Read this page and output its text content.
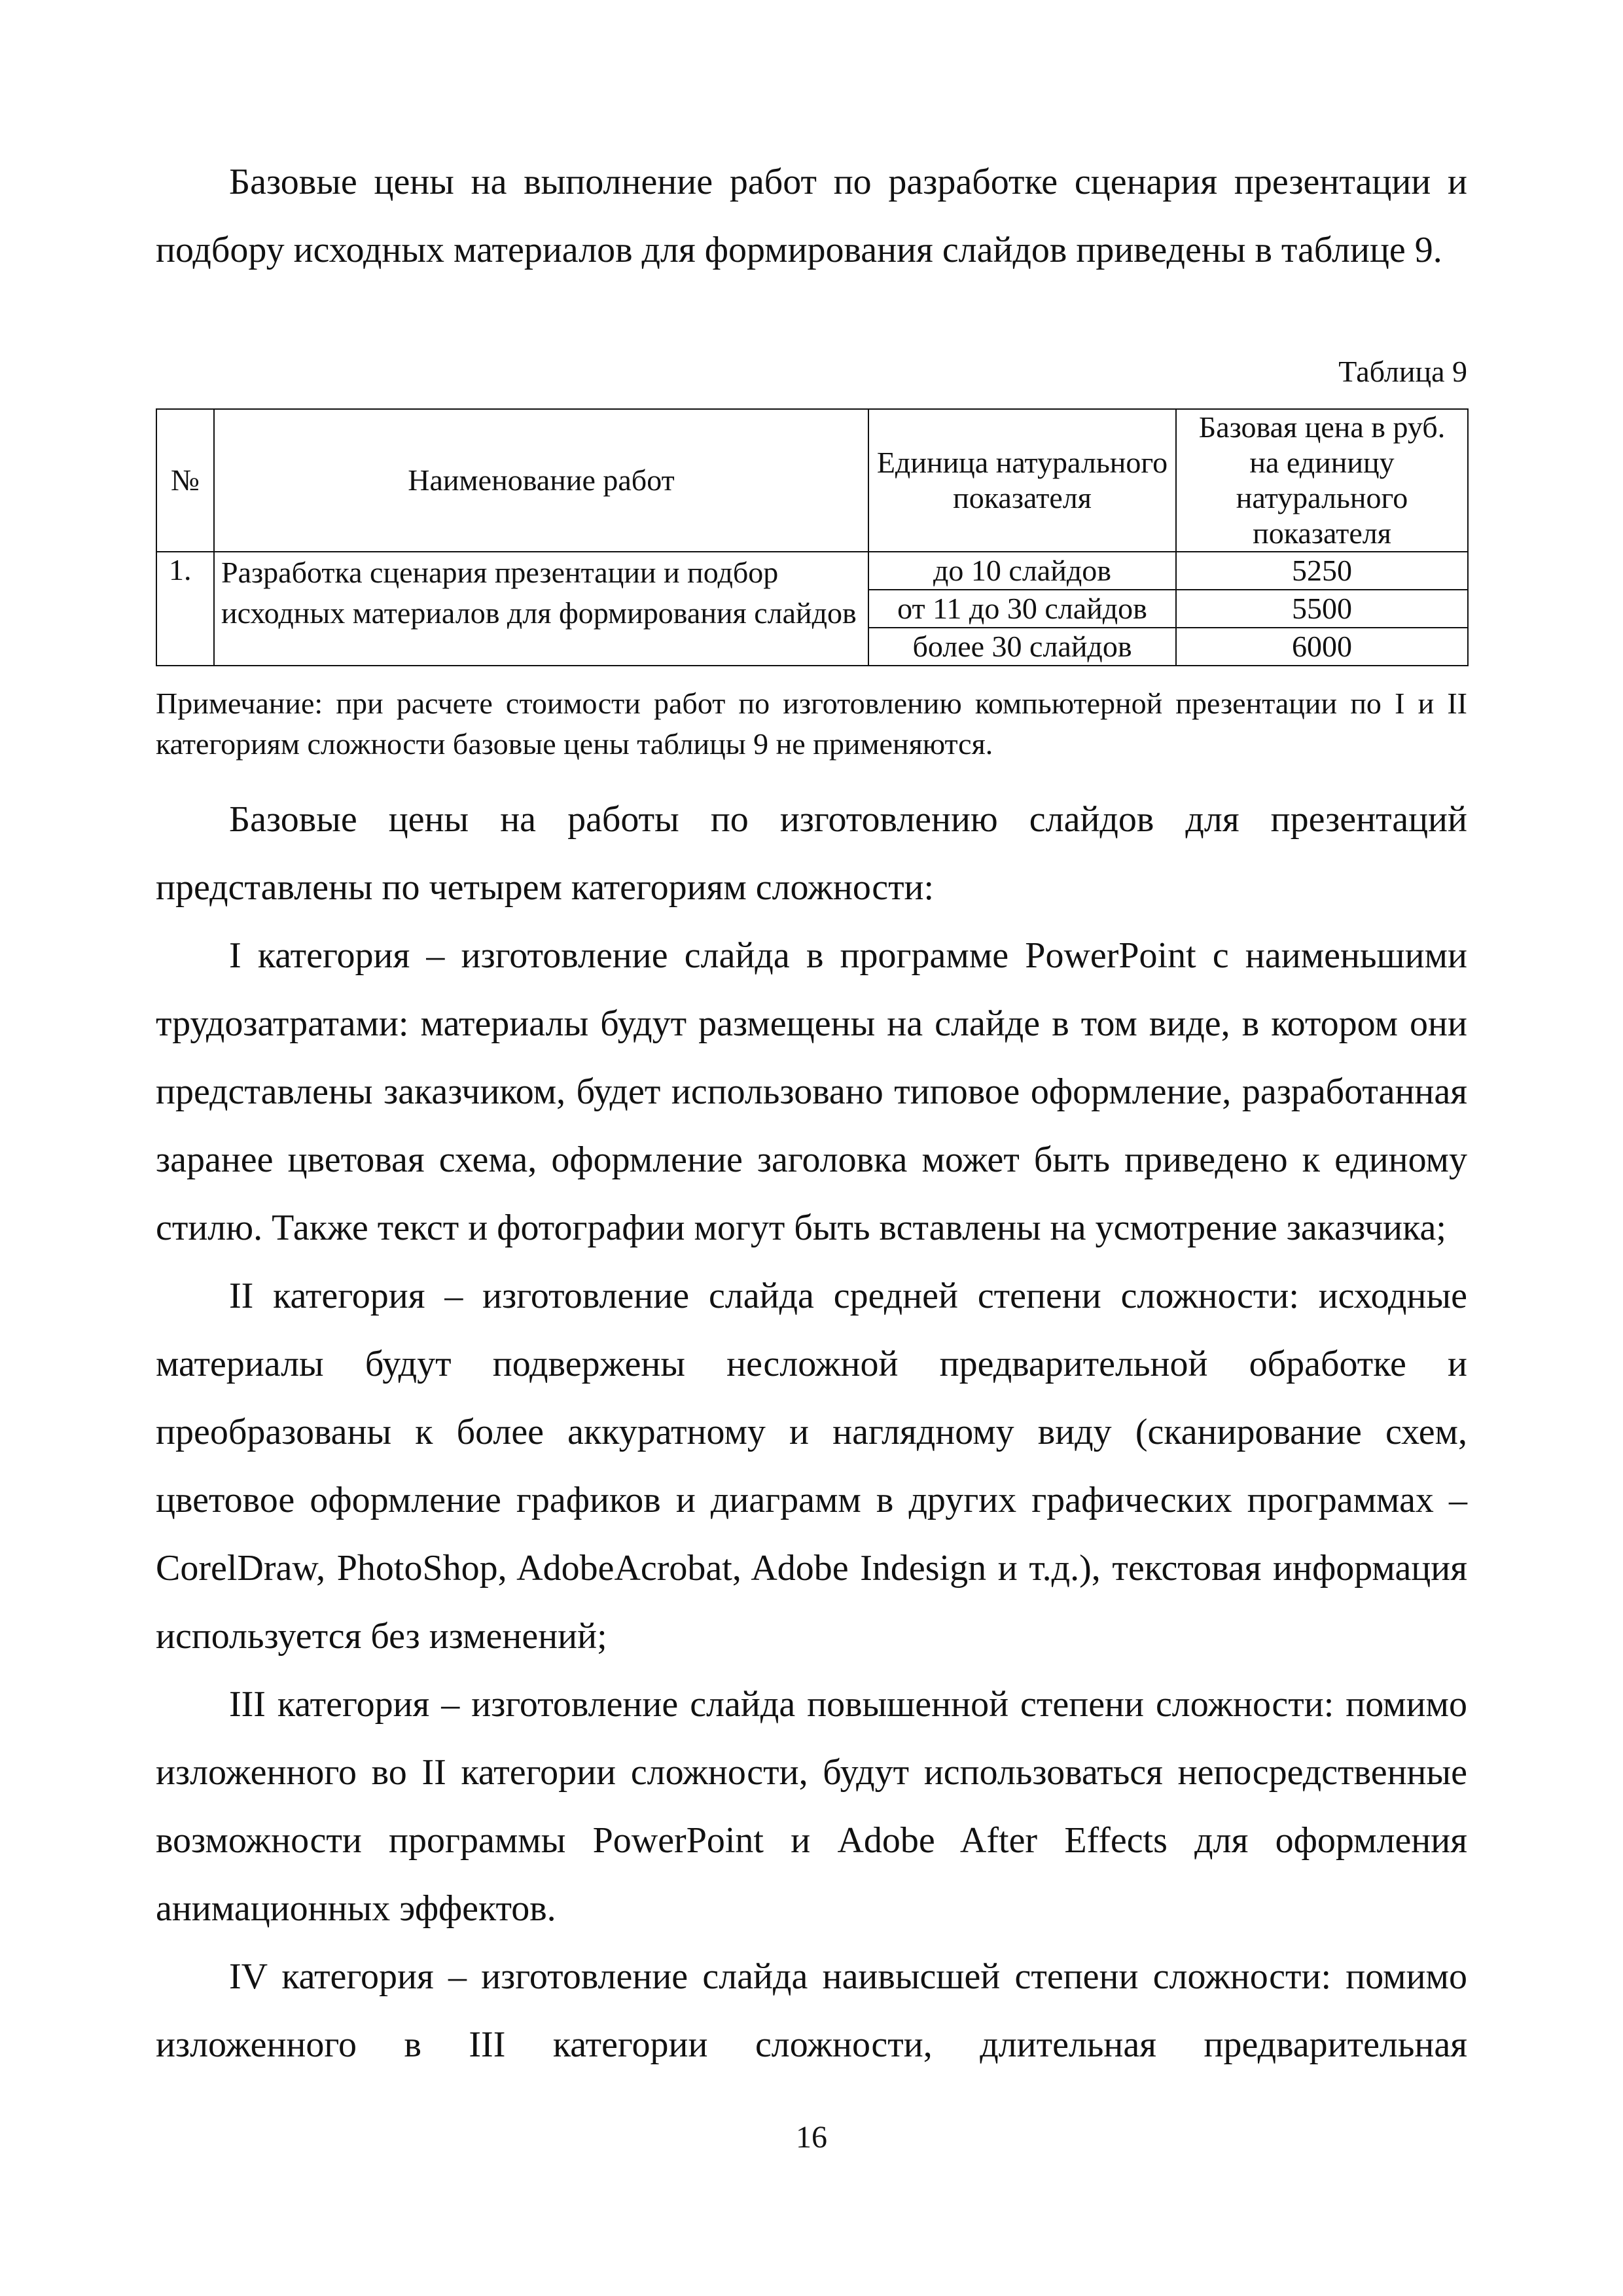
Базовые цены на выполнение работ по разработке сценария презентации и подбору исходных материалов для формирования слайдов приведены в таблице 9.

Таблица 9
№	Наименование работ	Единица натурального показателя	Базовая цена в руб. на единицу натурального показателя
1.	Разработка сценария презентации и подбор исходных материалов для формирования слайдов	до 10 слайдов	5250
		от 11 до 30 слайдов	5500
		более 30 слайдов	6000

Примечание: при расчете стоимости работ по изготовлению компьютерной презентации по I и II категориям сложности базовые цены таблицы 9 не применяются.

Базовые цены на работы по изготовлению слайдов для презентаций представлены по четырем категориям сложности:

I категория – изготовление слайда в программе PowerPoint с наименьшими трудозатратами: материалы будут размещены на слайде в том виде, в котором они представлены заказчиком, будет использовано типовое оформление, разработанная заранее цветовая схема, оформление заголовка может быть приведено к единому стилю. Также текст и фотографии могут быть вставлены на усмотрение заказчика;

II категория – изготовление слайда средней степени сложности: исходные материалы будут подвержены несложной предварительной обработке и преобразованы к более аккуратному и наглядному виду (сканирование схем, цветовое оформление графиков и диаграмм в других графических программах – CorelDraw, PhotoShop, AdobeAcrobat, Adobe Indesign и т.д.), текстовая информация используется без изменений;

III категория – изготовление слайда повышенной степени сложности: помимо изложенного во II категории сложности, будут использоваться непосредственные возможности программы PowerPoint и Adobe After Effects для оформления анимационных эффектов.

IV категория – изготовление слайда наивысшей степени сложности: помимо изложенного в III категории сложности, длительная предварительная

16
